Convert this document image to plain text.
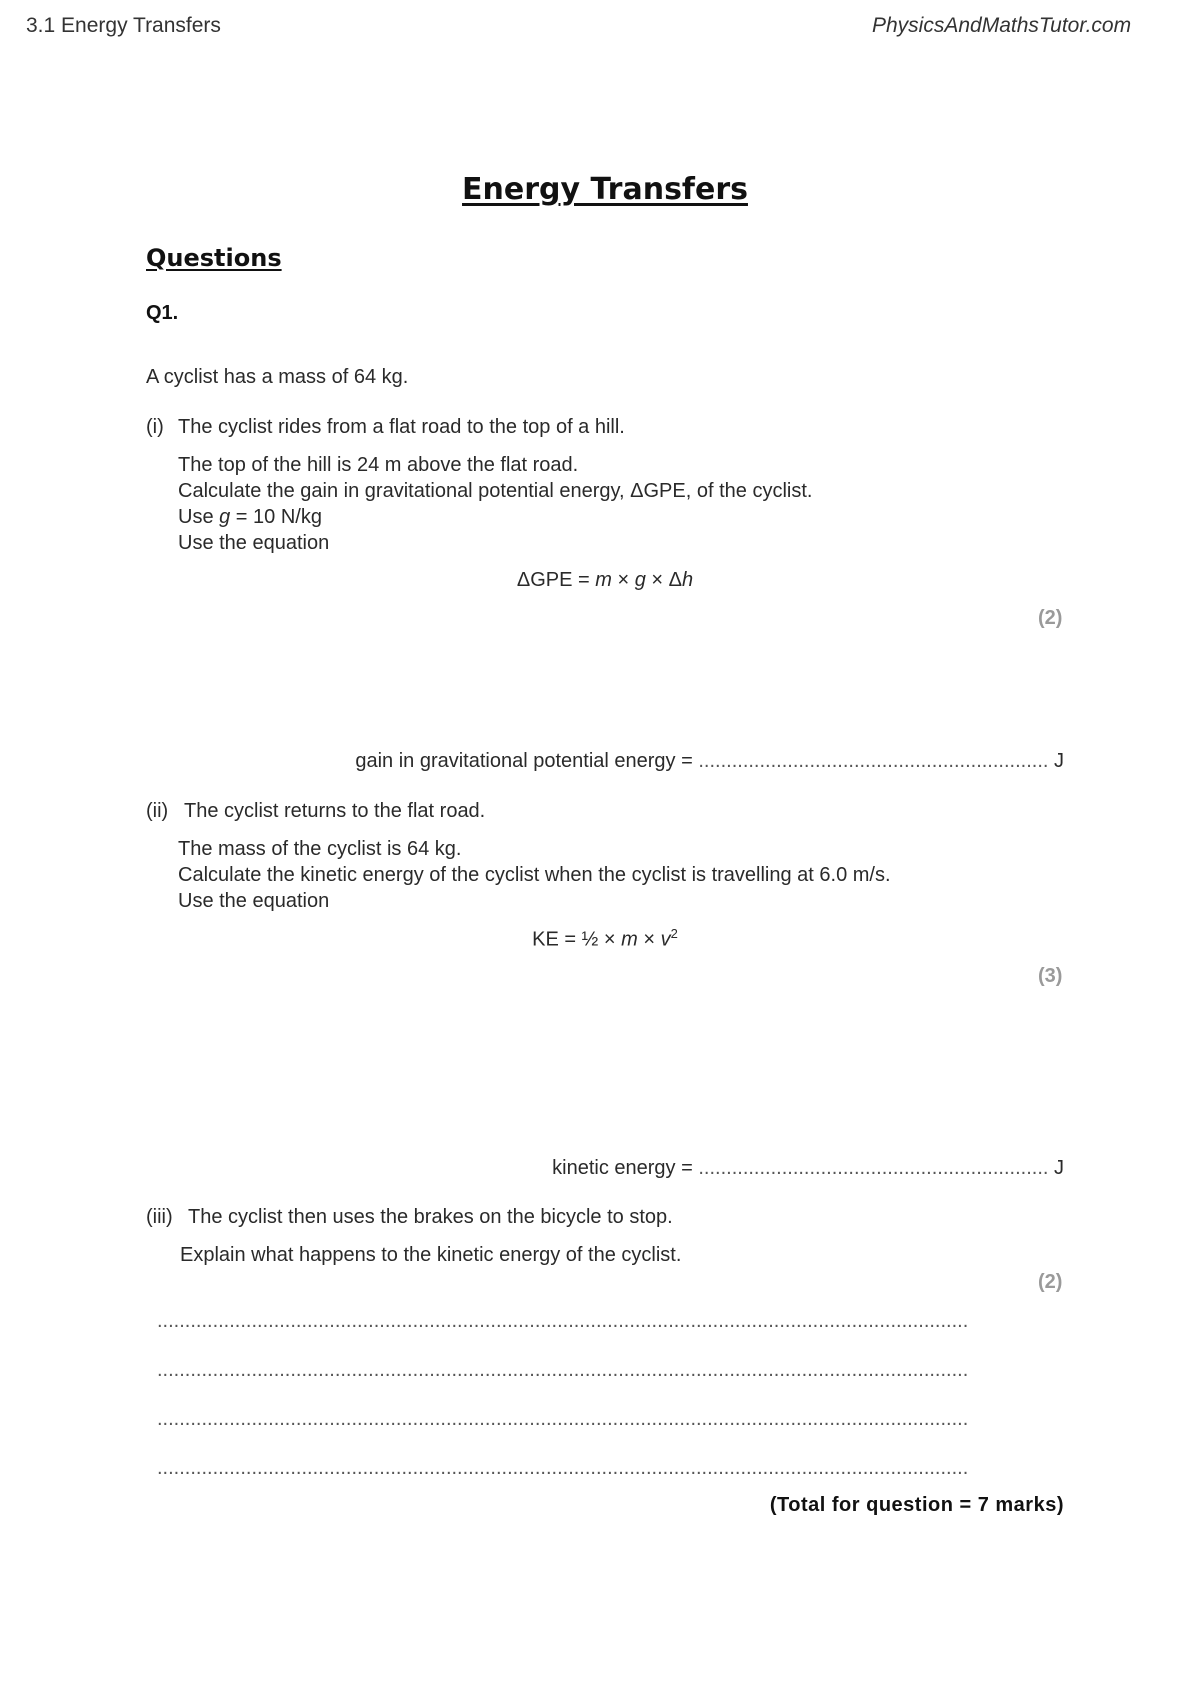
3.1 Energy Transfers	PhysicsAndMathsTutor.com
Energy Transfers
Questions
Q1.
A cyclist has a mass of 64 kg.
(i) The cyclist rides from a flat road to the top of a hill.
The top of the hill is 24 m above the flat road.
Calculate the gain in gravitational potential energy, ΔGPE, of the cyclist.
Use g = 10 N/kg
Use the equation
ΔGPE = m × g × Δh
(2)
gain in gravitational potential energy = ............................................................... J
(ii) The cyclist returns to the flat road.
The mass of the cyclist is 64 kg.
Calculate the kinetic energy of the cyclist when the cyclist is travelling at 6.0 m/s.
Use the equation
KE = ½ × $m \times v^2$
(3)
kinetic energy = ............................................................... J
(iii) The cyclist then uses the brakes on the bicycle to stop.
Explain what happens to the kinetic energy of the cyclist.
(2)
..................................................................................................................................................
..................................................................................................................................................
..................................................................................................................................................
..................................................................................................................................................
(Total for question = 7 marks)
